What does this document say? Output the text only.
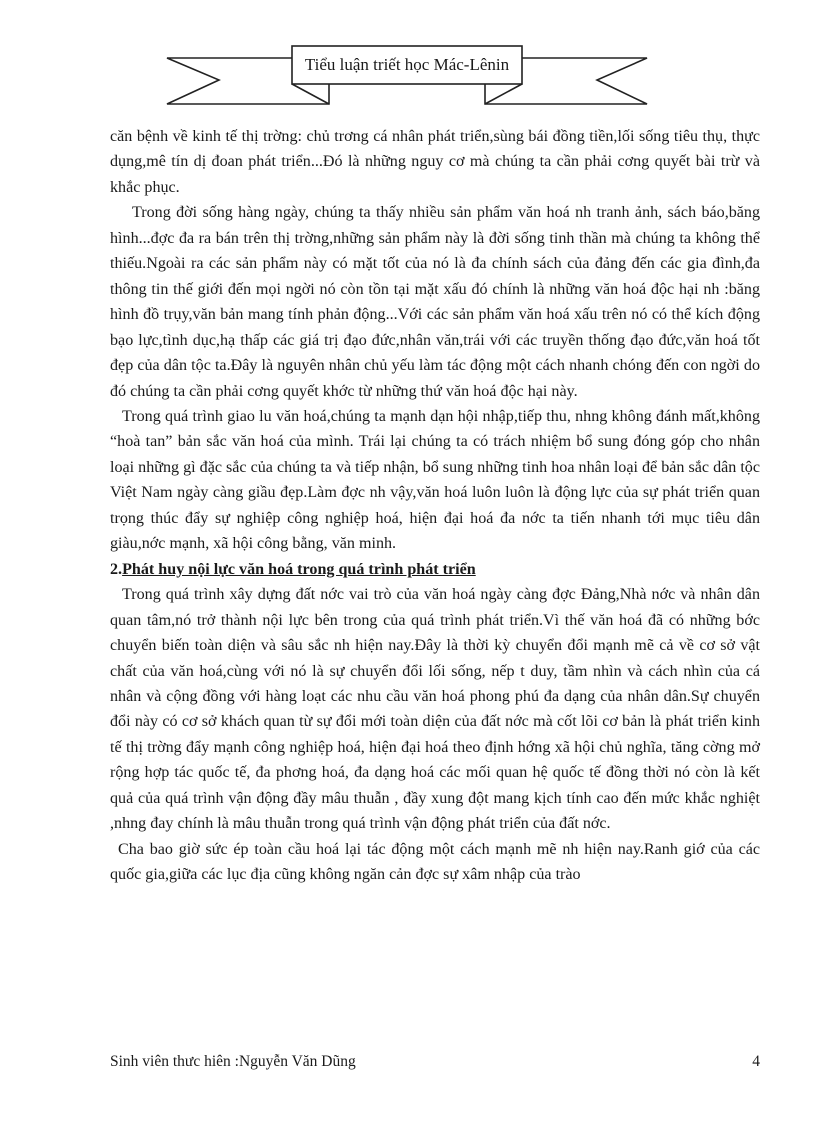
Tiểu luận triết học Mác-Lênin

căn bệnh về kinh tế thị trờng: chủ trơng cá nhân phát triển,sùng bái đồng tiền,lối sống tiêu thụ, thực dụng,mê tín dị đoan phát triển...Đó là những nguy cơ mà chúng ta cần phải cơng quyết bài trừ và khắc phục.

Trong đời sống hàng ngày, chúng ta thấy nhiều sản phẩm văn hoá nh tranh ảnh, sách báo,băng hình...đợc đa ra bán trên thị trờng,những sản phẩm này là đời sống tinh thần mà chúng ta không thể thiếu.Ngoài ra các sản phẩm này có mặt tốt của nó là đa chính sách của đảng đến các gia đình,đa thông tin thế giới đến mọi ngời nó còn tồn tại mặt xấu đó chính là những văn hoá độc hại nh :băng hình đồ trụy,văn bản mang tính phản động...Với các sản phẩm văn hoá xấu trên nó có thể kích động bạo lực,tình dục,hạ thấp các giá trị đạo đức,nhân văn,trái với các truyền thống đạo đức,văn hoá tốt đẹp của dân tộc ta.Đây là nguyên nhân chủ yếu làm tác động một cách nhanh chóng đến con ngời do đó chúng ta cần phải cơng quyết khớc từ những thứ văn hoá độc hại này.

Trong quá trình giao lu văn hoá,chúng ta mạnh dạn hội nhập,tiếp thu, nhng không đánh mất,không “hoà tan” bản sắc văn hoá của mình. Trái lại chúng ta có trách nhiệm bổ sung đóng góp cho nhân loại những gì đặc sắc của chúng ta và tiếp nhận, bổ sung những tinh hoa nhân loại để bản sắc dân tộc Việt Nam ngày càng giầu đẹp.Làm đợc nh vậy,văn hoá luôn luôn là động lực của sự phát triển quan trọng thúc đẩy sự nghiệp công nghiệp hoá, hiện đại hoá đa nớc ta tiến nhanh tới mục tiêu dân giàu,nớc mạnh, xã hội công bằng, văn minh.

2.Phát huy nội lực văn hoá trong quá trình phát triển

Trong quá trình xây dựng đất nớc vai trò của văn hoá ngày càng đợc Đảng,Nhà nớc và nhân dân quan tâm,nó trở thành nội lực bên trong của quá trình phát triển.Vì thế văn hoá đã có những bớc chuyển biến toàn diện và sâu sắc nh hiện nay.Đây là thời kỳ chuyển đổi mạnh mẽ cả về cơ sở vật chất của văn hoá,cùng với nó là sự chuyển đổi lối sống, nếp t duy, tầm nhìn và cách nhìn của cá nhân và cộng đồng với hàng loạt các nhu cầu văn hoá phong phú đa dạng của nhân dân.Sự chuyển đổi này có cơ sở khách quan từ sự đổi mới toàn diện của đất nớc mà cốt lõi cơ bản là phát triển kinh tế thị trờng đẩy mạnh công nghiệp hoá, hiện đại hoá theo định hớng xã hội chủ nghĩa, tăng cờng mở rộng hợp tác quốc tế, đa phơng hoá, đa dạng hoá các mối quan hệ quốc tế đồng thời nó còn là kết quả của quá trình vận động đầy mâu thuẫn , đầy xung đột mang kịch tính cao đến mức khắc nghiệt ,nhng đay chính là mâu thuẫn trong quá trình vận động phát triển của đất nớc.

Cha bao giờ sức ép toàn cầu hoá lại tác động một cách mạnh mẽ nh hiện nay.Ranh giớ của các quốc gia,giữa các lục địa cũng không ngăn cản đợc sự xâm nhập của trào

Sinh viên thưc hiên :Nguyễn Văn Dũng	4
